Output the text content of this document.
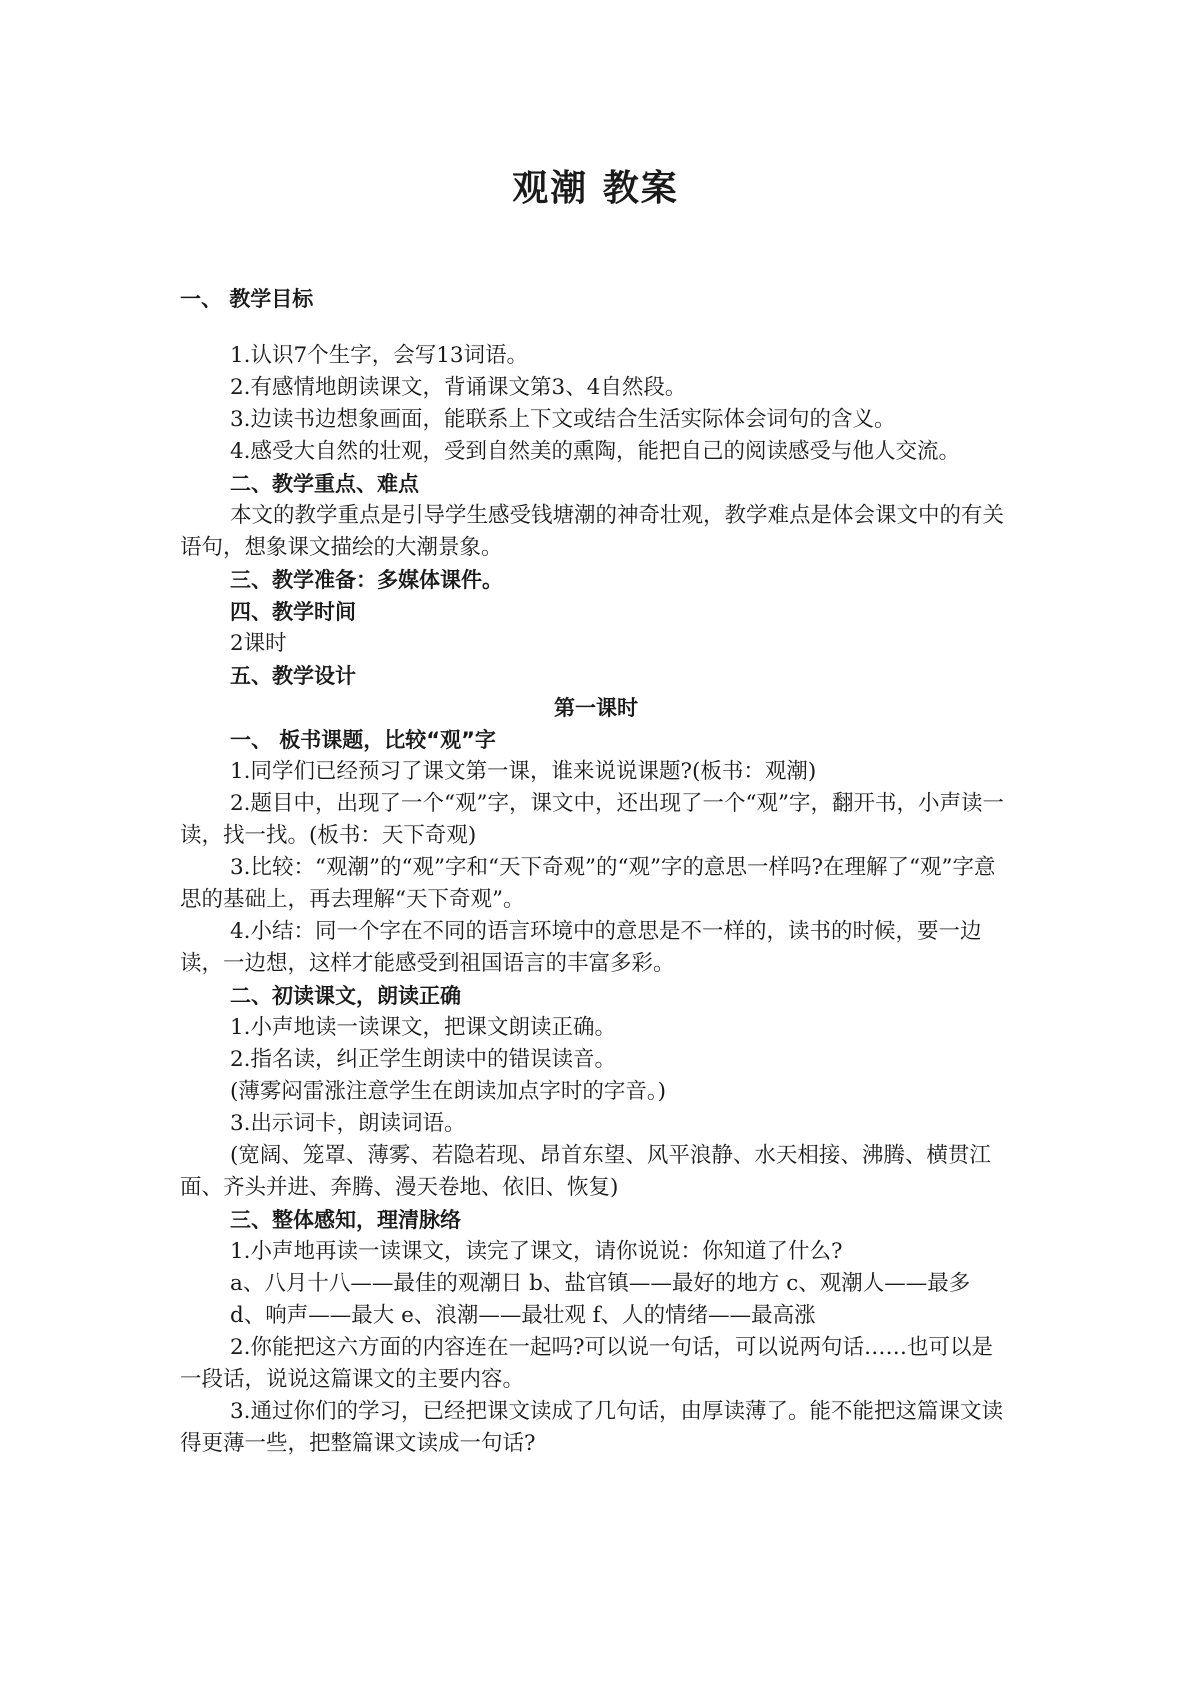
观潮 教案
一、 教学目标

1.认识7个生字，会写13词语。

2.有感情地朗读课文，背诵课文第3、4自然段。

3.边读书边想象画面，能联系上下文或结合生活实际体会词句的含义。

4.感受大自然的壮观，受到自然美的熏陶，能把自己的阅读感受与他人交流。

二、教学重点、难点

本文的教学重点是引导学生感受钱塘潮的神奇壮观，教学难点是体会课文中的有关语句，想象课文描绘的大潮景象。

三、教学准备：多媒体课件。

四、教学时间

2课时

五、教学设计

第一课时

一、 板书课题，比较“观”字

1.同学们已经预习了课文第一课，谁来说说课题?(板书：观潮)

2.题目中，出现了一个“观”字，课文中，还出现了一个“观”字，翻开书，小声读一读，找一找。(板书：天下奇观)

3.比较：“观潮”的“观”字和“天下奇观”的“观”字的意思一样吗?在理解了“观”字意思的基础上，再去理解“天下奇观”。

4.小结：同一个字在不同的语言环境中的意思是不一样的，读书的时候，要一边读，一边想，这样才能感受到祖国语言的丰富多彩。

二、初读课文，朗读正确

1.小声地读一读课文，把课文朗读正确。

2.指名读，纠正学生朗读中的错误读音。

(薄雾闷雷涨注意学生在朗读加点字时的字音。)

3.出示词卡，朗读词语。

(宽阔、笼罩、薄雾、若隐若现、昂首东望、风平浪静、水天相接、沸腾、横贯江面、齐头并进、奔腾、漫天卷地、依旧、恢复)

三、整体感知，理清脉络

1.小声地再读一读课文，读完了课文，请你说说：你知道了什么?

a、八月十八——最佳的观潮日 b、盐官镇——最好的地方 c、观潮人——最多

d、响声——最大 e、浪潮——最壮观 f、人的情绪——最高涨

2.你能把这六方面的内容连在一起吗?可以说一句话，可以说两句话……也可以是一段话，说说这篇课文的主要内容。

3.通过你们的学习，已经把课文读成了几句话，由厚读薄了。能不能把这篇课文读得更薄一些，把整篇课文读成一句话?
